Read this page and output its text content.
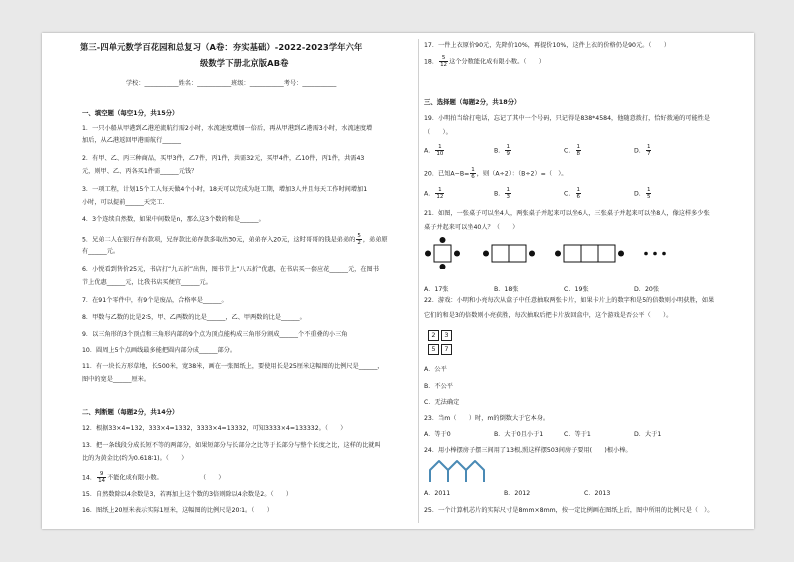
第三-四单元数学百花园和总复习（A卷：夯实基础）-2022-2023学年六年
级数学下册北京版AB卷
学校：___________姓名：___________班级：___________考号：___________
一、填空题（每空1分，共15分）
1．一只小船从甲港到乙港逆流航行需2小时，水流速度增加一倍后，再从甲港到乙港需3小时，水流速度增
加后，从乙港返回甲港需航行______
2．有甲、乙、丙三种商品，买甲3件，乙7件，丙1件，共需32元，买甲4件，乙10件，丙1件，共需43
元，则甲、乙、丙各买1件需______元钱？
3．一项工程，计划15个工人每天做4个小时，18天可以完成为赶工期，增加3人并且每天工作时间增加1
小时，可以提前______天完工．
4．3个连续自然数，如果中间数是n，那么这3个数的和是______。
5．兄弟二人在银行存有款项，兄存款比弟存款多取出30元，弟弟存入20元，这时哥哥的钱是弟弟的 $\frac{5}{2}$ ，弟弟原
有______元。
6．小悦看到售价25元，书店打“九五折”出售，图书节上“八五折”优惠，在书店买一套应花______元，在图书
节上优惠______元，比我书店买便宜______元。
7．在91个零件中，有9个是废品，合格率是______。
8．甲数与乙数的比是2∶5，甲、乙两数的比是______，乙、甲两数的比是______。
9．以三角形的3个顶点和三角形内部的9个点为顶点能构成三角形分割成______个不重叠的小三角
10．圆周上5个点画线最多能把圆内部分成______部分。
11．有一块长方形草地，长500米，宽38米，画在一张图纸上，要使用长是25厘米这幅图的比例尺是______，
图中的宽是______厘米。
二、判断题（每题2分，共14分）
12．根据33×4=132，333×4=1332，3333×4=13332，可知3333×4=133332。（　　）
13．把一条线段分成长短不等的两部分，如果短部分与长部分之比等于长部分与整个长度之比，这样的比就叫
比的为黄金比(约为0.618∶1)。（　　）
14． $\frac{9}{14}$ 不能化成有限小数。　　　　　　　（　　）
15．自然数除以4余数是3，若再加上这个数的3倍则除以4余数是2。（　　）
16．图纸上20厘米表示实际1厘米，这幅图的比例尺是20∶1。（　　）
17．一件上衣原价90元，先降价10%，再提价10%，这件上衣的价格仍是90元。（　　）
18． $\frac{5}{12}$ 这个分数能化成有限小数。（　　）
三、选择题（每题2分，共18分）
19．小明拍当给打电话，忘记了其中一个号码，只记得是838*4584，他随意拨打，恰好拨通的可能性是
（　　）。
A． $\frac{1}{10}$	B． $\frac{1}{9}$	C． $\frac{1}{8}$	D． $\frac{1}{7}$
20．已知$A-B= \frac{1}{6}$ ，则（A÷2）：（B÷2）=（　）。
A． $\frac{1}{12}$	B． $\frac{1}{3}$	C． $\frac{1}{6}$	D． $\frac{1}{5}$
21．如图，一张桌子可以坐4人，两张桌子并起来可以坐6人，三张桌子并起来可以坐8人，像这样多少张
桌子并起来可以坐40人？（　　）
A．17张	B．18张	C．19张	D．20张
22．游戏：小明和小亮每次从盒子中任意抽取两张卡片，如果卡片上的数字和是5的倍数则小明获胜，如果
它们的和是3的倍数则小亮获胜，每次抽取后把卡片放回盒中，这个游戏是否公平（　　）。
2 3
5 7
A．公平
B．不公平
C．无法确定
23．当m（　　）时，m的倒数大于它本身。
A．等于0	B．大于0且小于1	C．等于1	D．大于1
24．用小棒摆房子摆三间用了13根,照这样摆503间房子要用(　　)根小棒。
A．2011	B．2012	C．2013
25．一个计算机芯片的实际尺寸是8mm×8mm，按一定比例画在图纸上后，图中所用的比例尺是（　）。
